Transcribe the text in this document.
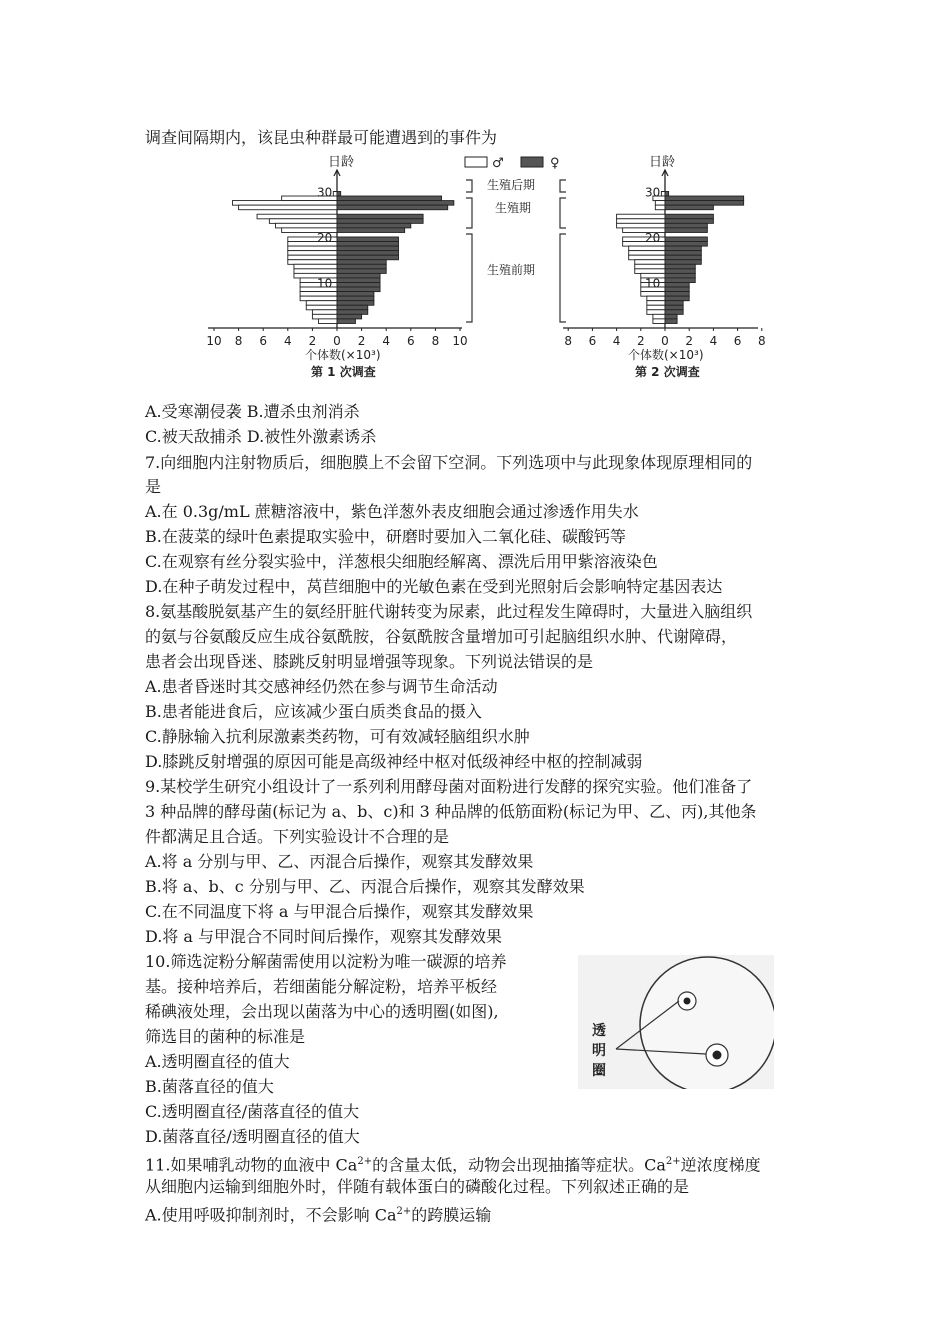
调查间隔期内，该昆虫种群最可能遭遇到的事件为
日龄	日龄
♂	♀
生殖后期
生殖期
生殖前期
30
20
10
10 8 6 4 2 0 2 4 6 8 10
30
20
10
8 6 4 2 0 2 4 6 8
个体数(×10³)
第 1 次调查
个体数(×10³)
第 2 次调查
A.受寒潮侵袭 B.遭杀虫剂消杀
C.被天敌捕杀 D.被性外激素诱杀
7.向细胞内注射物质后，细胞膜上不会留下空洞。下列选项中与此现象体现原理相同的
是
A.在 0.3g/mL 蔗糖溶液中，紫色洋葱外表皮细胞会通过渗透作用失水
B.在菠菜的绿叶色素提取实验中，研磨时要加入二氧化硅、碳酸钙等
C.在观察有丝分裂实验中，洋葱根尖细胞经解离、漂洗后用甲紫溶液染色
D.在种子萌发过程中，莴苣细胞中的光敏色素在受到光照射后会影响特定基因表达
8.氨基酸脱氨基产生的氨经肝脏代谢转变为尿素，此过程发生障碍时，大量进入脑组织
的氨与谷氨酸反应生成谷氨酰胺，谷氨酰胺含量增加可引起脑组织水肿、代谢障碍，
患者会出现昏迷、膝跳反射明显增强等现象。下列说法错误的是
A.患者昏迷时其交感神经仍然在参与调节生命活动
B.患者能进食后，应该减少蛋白质类食品的摄入
C.静脉输入抗利尿激素类药物，可有效减轻脑组织水肿
D.膝跳反射增强的原因可能是高级神经中枢对低级神经中枢的控制减弱
9.某校学生研究小组设计了一系列利用酵母菌对面粉进行发酵的探究实验。他们准备了
3 种品牌的酵母菌(标记为 a、b、c)和 3 种品牌的低筋面粉(标记为甲、乙、丙),其他条
件都满足且合适。下列实验设计不合理的是
A.将 a 分别与甲、乙、丙混合后操作，观察其发酵效果
B.将 a、b、c 分别与甲、乙、丙混合后操作，观察其发酵效果
C.在不同温度下将 a 与甲混合后操作，观察其发酵效果
D.将 a 与甲混合不同时间后操作，观察其发酵效果
10.筛选淀粉分解菌需使用以淀粉为唯一碳源的培养
基。接种培养后，若细菌能分解淀粉，培养平板经
稀碘液处理，会出现以菌落为中心的透明圈(如图),
筛选目的菌种的标准是
A.透明圈直径的值大
B.菌落直径的值大
C.透明圈直径/菌落直径的值大
D.菌落直径/透明圈直径的值大
透
明
圈
11.如果哺乳动物的血液中 $Ca^{2+}$的含量太低，动物会出现抽搐等症状。$Ca^{2+}$逆浓度梯度
从细胞内运输到细胞外时，伴随有载体蛋白的磷酸化过程。下列叙述正确的是
A.使用呼吸抑制剂时，不会影响 $Ca^{2+}$的跨膜运输
